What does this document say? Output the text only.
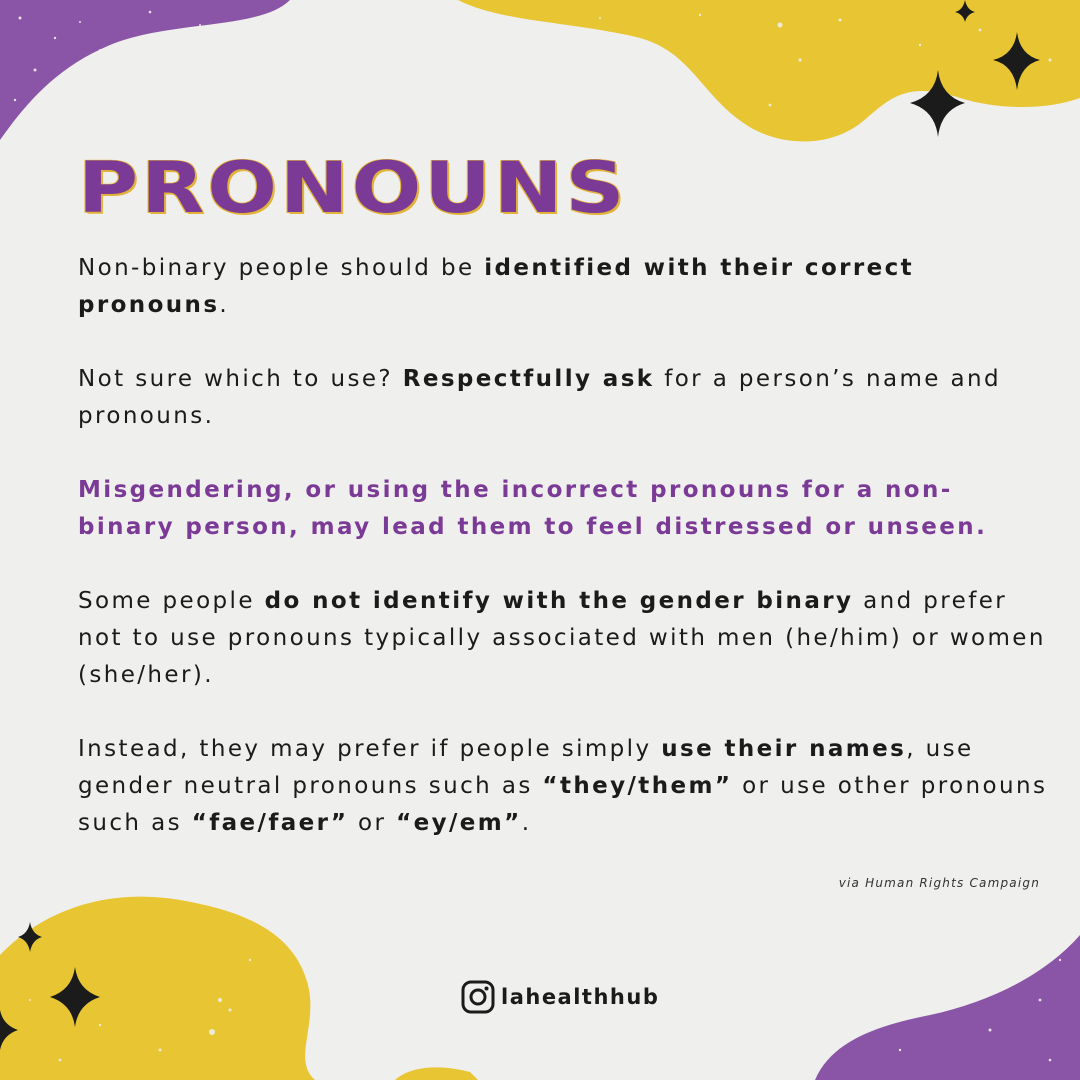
PRONOUNS

Non-binary people should be identified with their correct pronouns.

Not sure which to use? Respectfully ask for a person’s name and pronouns.

Misgendering, or using the incorrect pronouns for a non-binary person, may lead them to feel distressed or unseen.

Some people do not identify with the gender binary and prefer not to use pronouns typically associated with men (he/him) or women (she/her).

Instead, they may prefer if people simply use their names, use gender neutral pronouns such as “they/them” or use other pronouns such as “fae/faer” or “ey/em”.

via Human Rights Campaign
lahealthhub
